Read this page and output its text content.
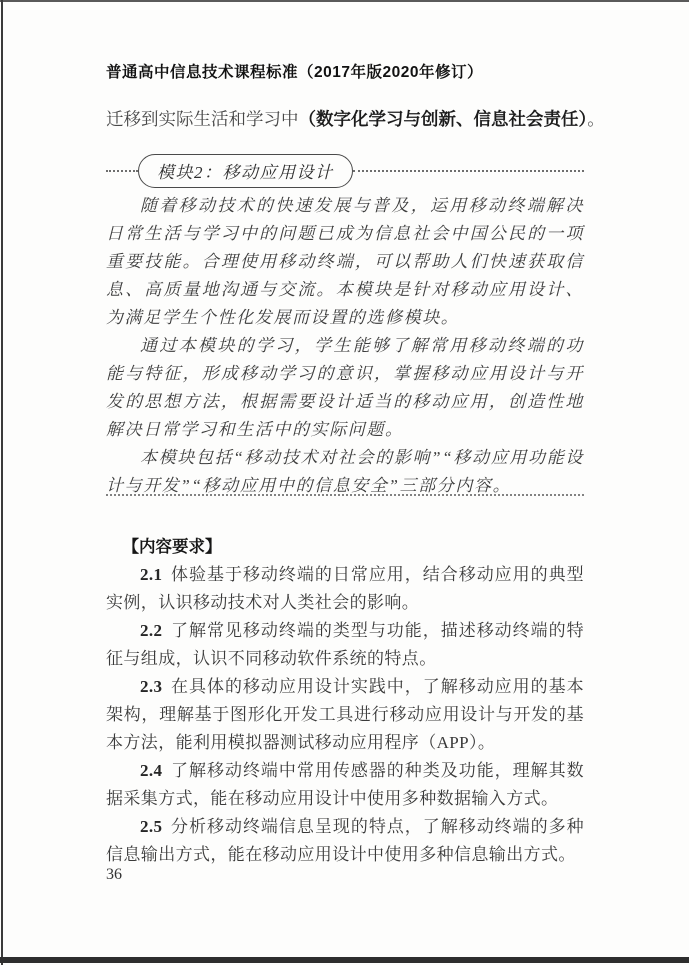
普通高中信息技术课程标准（2017年版2020年修订）
迁移到实际生活和学习中（数字化学习与创新、信息社会责任）。
模块2：移动应用设计

随着移动技术的快速发展与普及，运用移动终端解决日常生活与学习中的问题已成为信息社会中国公民的一项重要技能。合理使用移动终端，可以帮助人们快速获取信息、高质量地沟通与交流。本模块是针对移动应用设计、为满足学生个性化发展而设置的选修模块。

通过本模块的学习，学生能够了解常用移动终端的功能与特征，形成移动学习的意识，掌握移动应用设计与开发的思想方法，根据需要设计适当的移动应用，创造性地解决日常学习和生活中的实际问题。

本模块包括“移动技术对社会的影响”“移动应用功能设计与开发”“移动应用中的信息安全”三部分内容。

【内容要求】

2.1 体验基于移动终端的日常应用，结合移动应用的典型实例，认识移动技术对人类社会的影响。

2.2 了解常见移动终端的类型与功能，描述移动终端的特征与组成，认识不同移动软件系统的特点。

2.3 在具体的移动应用设计实践中，了解移动应用的基本架构，理解基于图形化开发工具进行移动应用设计与开发的基本方法，能利用模拟器测试移动应用程序（APP）。

2.4 了解移动终端中常用传感器的种类及功能，理解其数据采集方式，能在移动应用设计中使用多种数据输入方式。

2.5 分析移动终端信息呈现的特点，了解移动终端的多种信息输出方式，能在移动应用设计中使用多种信息输出方式。

36
